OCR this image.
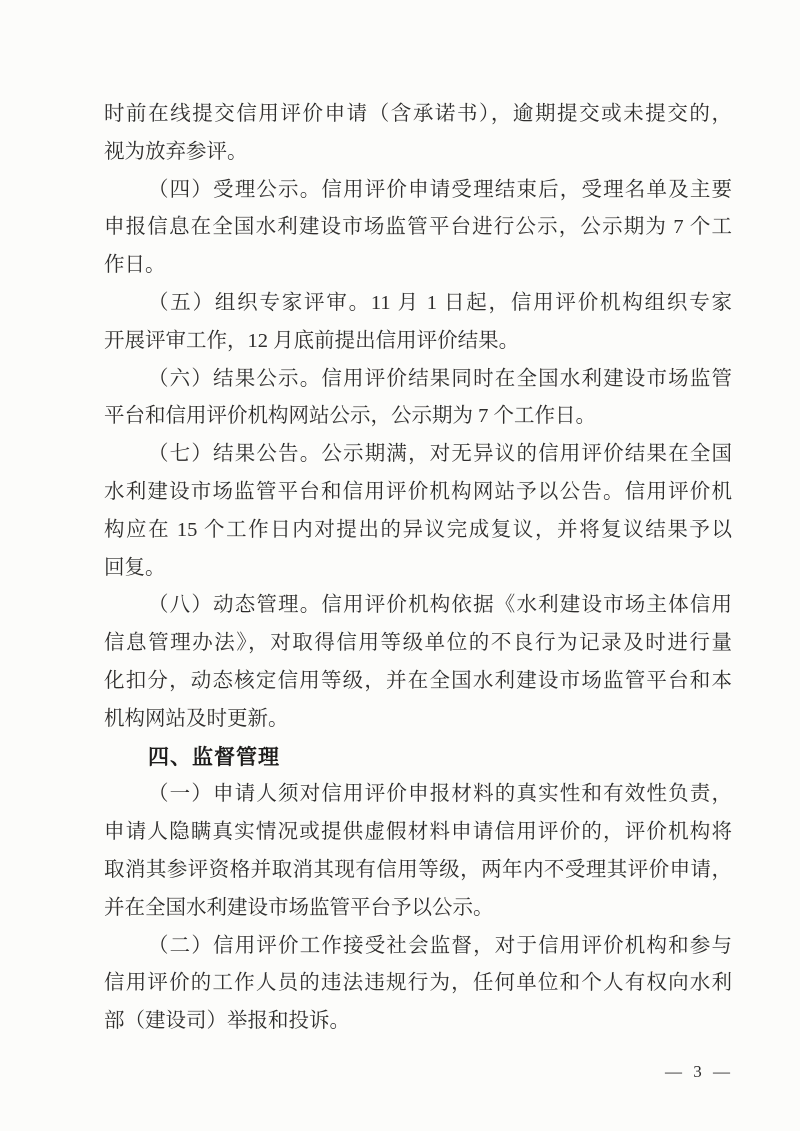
时前在线提交信用评价申请（含承诺书），逾期提交或未提交的，
视为放弃参评。
（四）受理公示。信用评价申请受理结束后，受理名单及主要
申报信息在全国水利建设市场监管平台进行公示，公示期为 7 个工
作日。
（五）组织专家评审。11 月 1 日起，信用评价机构组织专家
开展评审工作，12 月底前提出信用评价结果。
（六）结果公示。信用评价结果同时在全国水利建设市场监管
平台和信用评价机构网站公示，公示期为 7 个工作日。
（七）结果公告。公示期满，对无异议的信用评价结果在全国
水利建设市场监管平台和信用评价机构网站予以公告。信用评价机
构应在 15 个工作日内对提出的异议完成复议，并将复议结果予以
回复。
（八）动态管理。信用评价机构依据《水利建设市场主体信用
信息管理办法》，对取得信用等级单位的不良行为记录及时进行量
化扣分，动态核定信用等级，并在全国水利建设市场监管平台和本
机构网站及时更新。
四、监督管理
（一）申请人须对信用评价申报材料的真实性和有效性负责，
申请人隐瞒真实情况或提供虚假材料申请信用评价的，评价机构将
取消其参评资格并取消其现有信用等级，两年内不受理其评价申请，
并在全国水利建设市场监管平台予以公示。
（二）信用评价工作接受社会监督，对于信用评价机构和参与
信用评价的工作人员的违法违规行为，任何单位和个人有权向水利
部（建设司）举报和投诉。
— 3 —
